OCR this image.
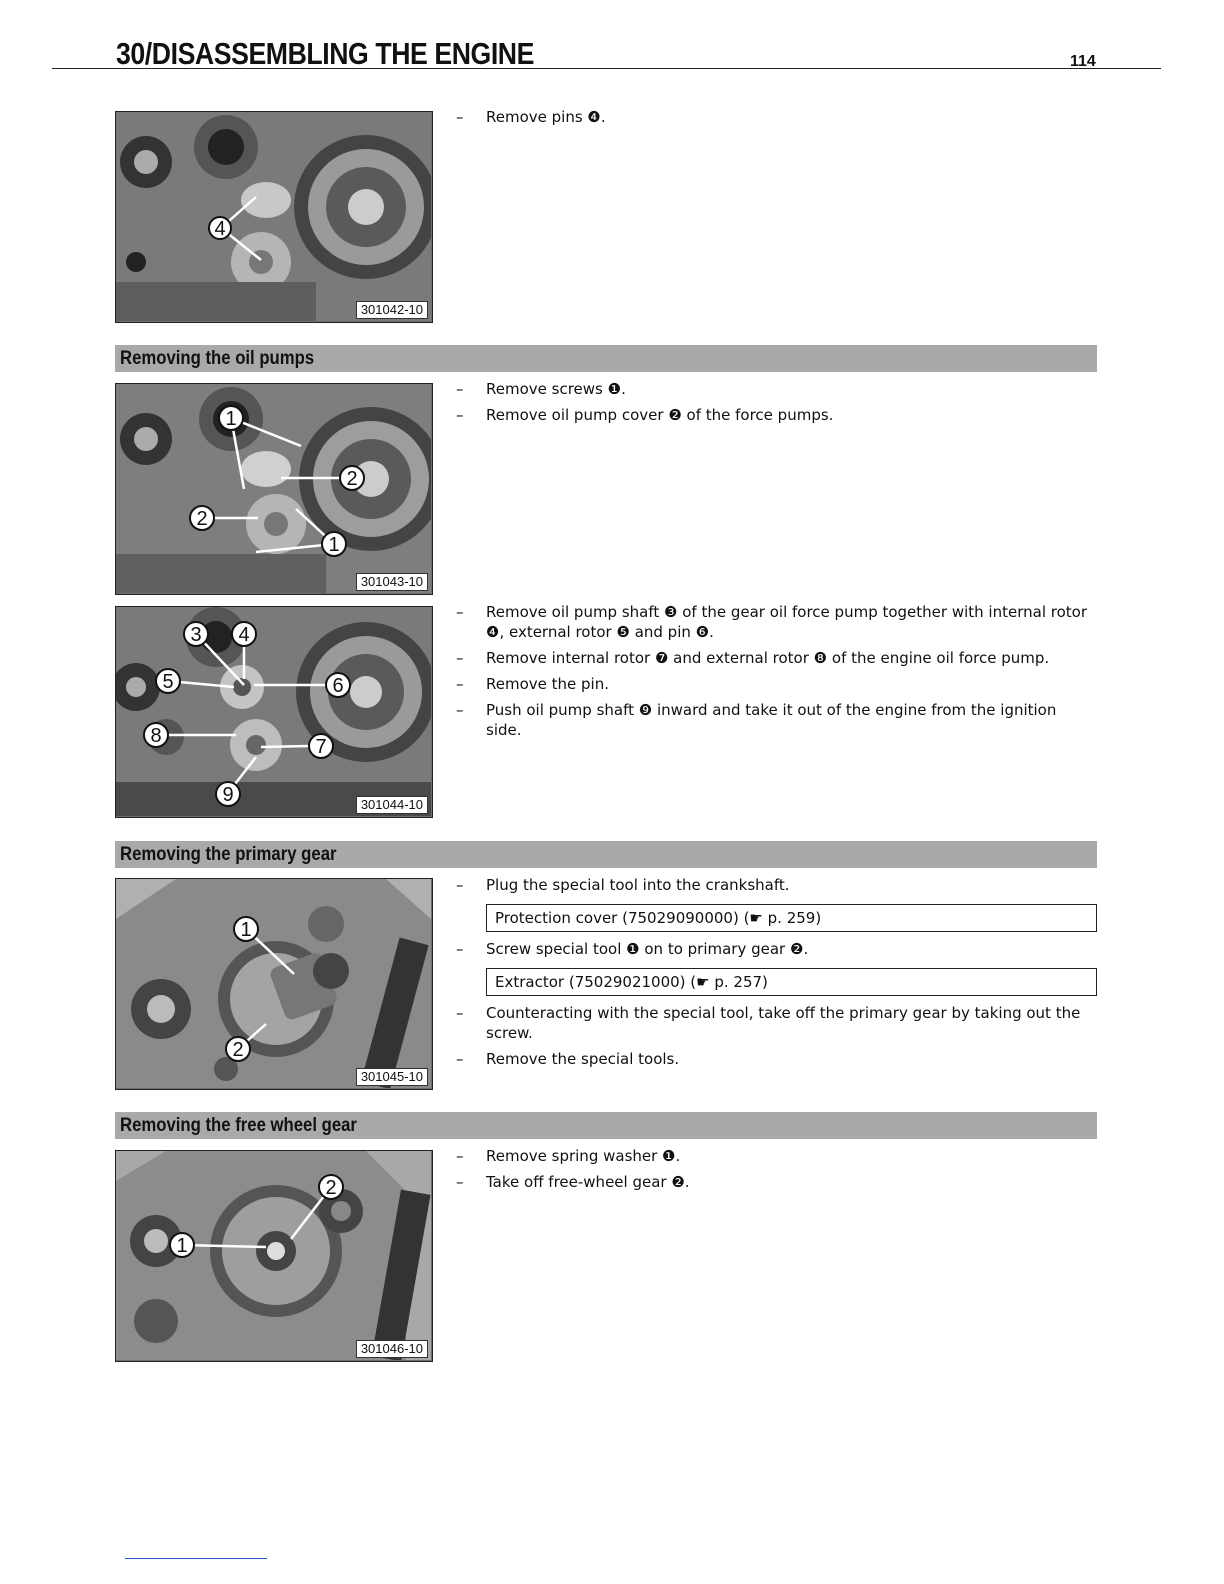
30/DISASSEMBLING THE ENGINE	114
4
301042-10
– Remove pins ❹.
Removing the oil pumps
1
2
2
1
301043-10
– Remove screws ❶.
– Remove oil pump cover ❷ of the force pumps.
3 4
5	6
8	7
9	301044-10
– Remove oil pump shaft ❸ of the gear oil force pump together with internal rotor ❹, external rotor ❺ and pin ❻.
– Remove internal rotor ❼ and external rotor ❽ of the engine oil force pump.
– Remove the pin.
– Push oil pump shaft ❾ inward and take it out of the engine from the ignition side.
Removing the primary gear
1
2
301045-10
– Plug the special tool into the crankshaft.
Protection cover (75029090000) (☛ p. 259)
– Screw special tool ❶ on to primary gear ❷.
Extractor (75029021000) (☛ p. 257)
– Counteracting with the special tool, take off the primary gear by taking out the screw.
– Remove the special tools.
Removing the free wheel gear
2
1
301046-10
– Remove spring washer ❶.
– Take off free-wheel gear ❷.
